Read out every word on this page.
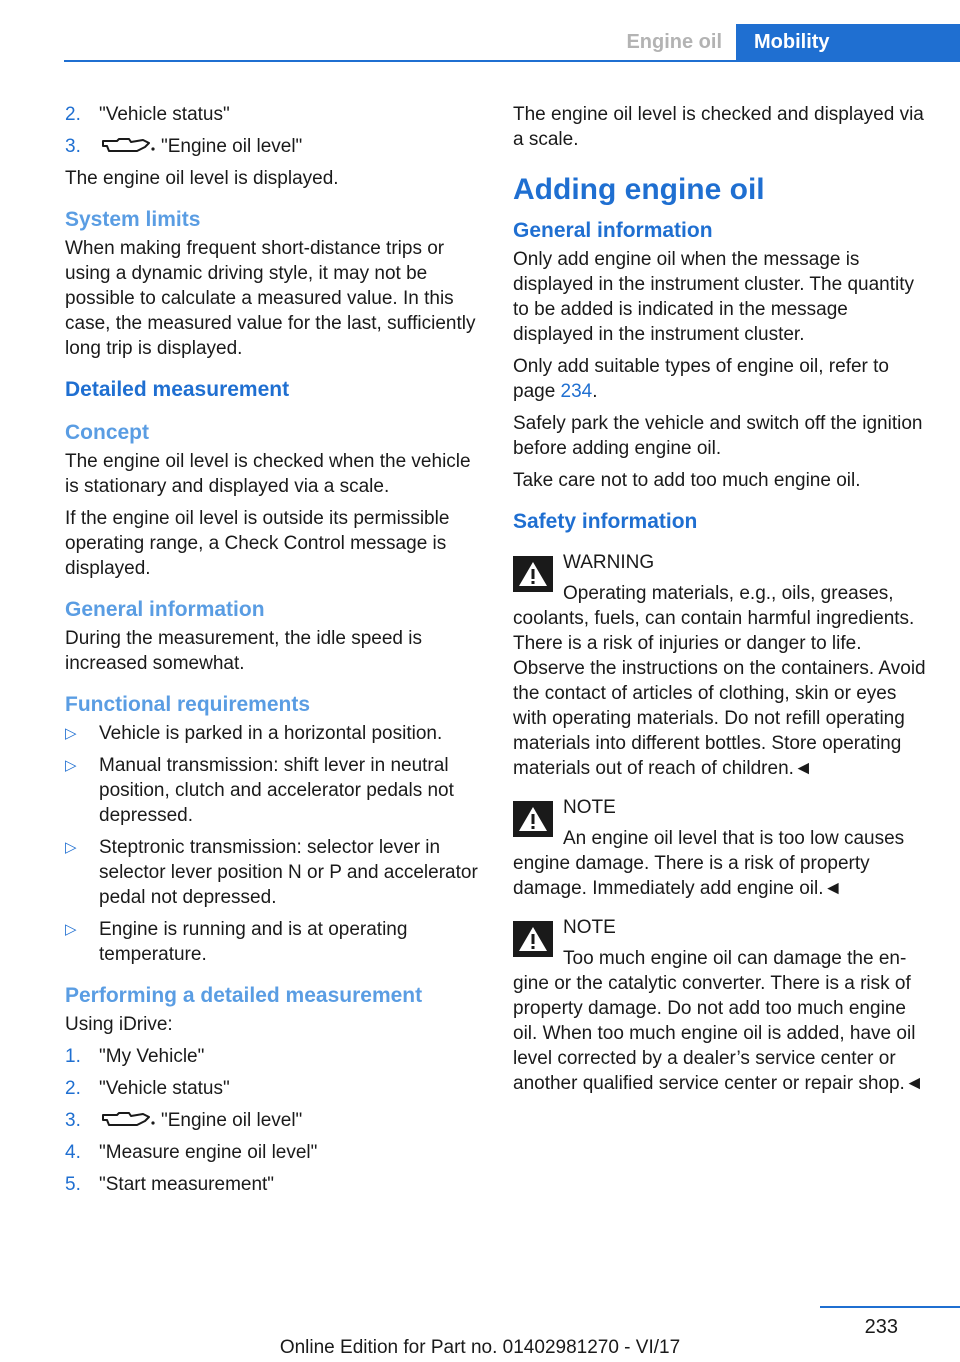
Engine oil	Mobility
2. "Vehicle status"
3.	"Engine oil level"

The engine oil level is displayed.

System limits

When making frequent short-distance trips or using a dynamic driving style, it may not be possible to calculate a measured value. In this case, the measured value for the last, sufficiently long trip is displayed.

Detailed measurement
Concept

The engine oil level is checked when the vehicle is stationary and displayed via a scale.

If the engine oil level is outside its permissible operating range, a Check Control message is displayed.

General information

During the measurement, the idle speed is increased somewhat.

Functional requirements
▷ Vehicle is parked in a horizontal position.
▷ Manual transmission: shift lever in neutral position, clutch and accelerator pedals not depressed.
▷ Steptronic transmission: selector lever in selector lever position N or P and accelerator pedal not depressed.
▷ Engine is running and is at operating temperature.
Performing a detailed measurement

Using iDrive:

1. "My Vehicle"
2. "Vehicle status"
3.	"Engine oil level"
4. "Measure engine oil level"
5. "Start measurement"

The engine oil level is checked and displayed via a scale.

Adding engine oil
General information

Only add engine oil when the message is displayed in the instrument cluster. The quantity to be added is indicated in the message displayed in the instrument cluster.

Only add suitable types of engine oil, refer to page 234.

Safely park the vehicle and switch off the ignition before adding engine oil.

Take care not to add too much engine oil.

Safety information

WARNING

Operating materials, e.g., oils, greases,

coolants, fuels, can contain harmful ingredients. There is a risk of injuries or danger to life. Observe the instructions on the containers. Avoid the contact of articles of clothing, skin or eyes with operating materials. Do not refill operating materials into different bottles. Store operating materials out of reach of children.◄

NOTE

An engine oil level that is too low causes

engine damage. There is a risk of property damage. Immediately add engine oil.◄

NOTE

Too much engine oil can damage the en-

gine or the catalytic converter. There is a risk of property damage. Do not add too much engine oil. When too much engine oil is added, have oil level corrected by a dealer’s service center or another qualified service center or repair shop.◄

233
Online Edition for Part no. 01402981270 - VI/17
